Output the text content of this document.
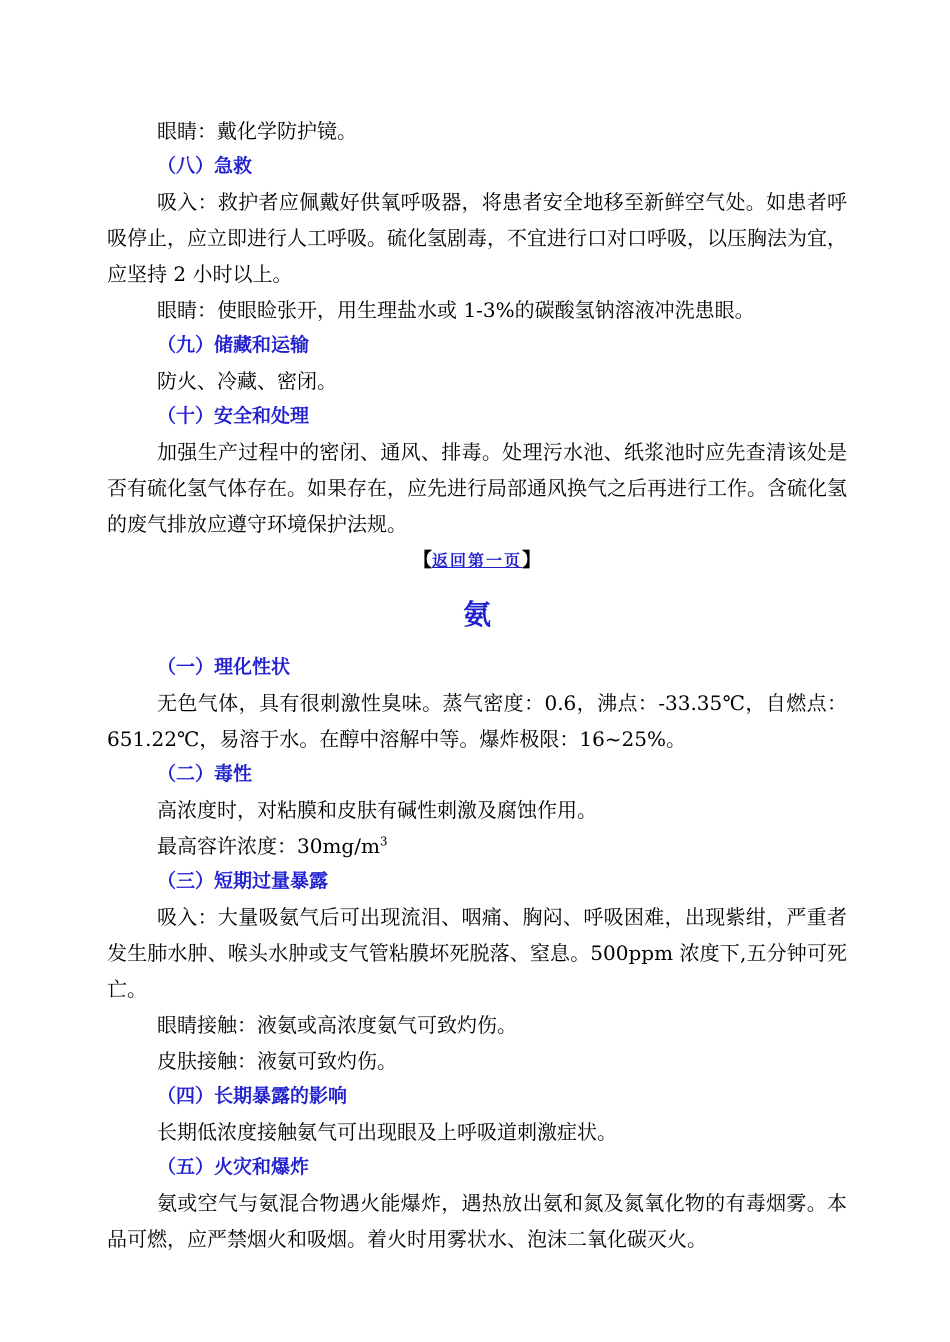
眼睛：戴化学防护镜。

（八）急救

吸入：救护者应佩戴好供氧呼吸器，将患者安全地移至新鲜空气处。如患者呼吸停止，应立即进行人工呼吸。硫化氢剧毒，不宜进行口对口呼吸，以压胸法为宜，应坚持 2 小时以上。

眼睛：使眼睑张开，用生理盐水或 1-3%的碳酸氢钠溶液冲洗患眼。

（九）储藏和运输

防火、冷藏、密闭。

（十）安全和处理

加强生产过程中的密闭、通风、排毒。处理污水池、纸浆池时应先查清该处是否有硫化氢气体存在。如果存在，应先进行局部通风换气之后再进行工作。含硫化氢的废气排放应遵守环境保护法规。

【返回第一页】

氨

（一）理化性状

无色气体，具有很刺激性臭味。蒸气密度：0.6，沸点：-33.35℃，自燃点：651.22℃，易溶于水。在醇中溶解中等。爆炸极限：16~25%。

（二）毒性

高浓度时，对粘膜和皮肤有碱性刺激及腐蚀作用。

最高容许浓度：$30mg/m^3$

（三）短期过量暴露

吸入：大量吸氨气后可出现流泪、咽痛、胸闷、呼吸困难，出现紫绀，严重者发生肺水肿、喉头水肿或支气管粘膜坏死脱落、窒息。500ppm 浓度下,五分钟可死亡。

眼睛接触：液氨或高浓度氨气可致灼伤。

皮肤接触：液氨可致灼伤。

（四）长期暴露的影响

长期低浓度接触氨气可出现眼及上呼吸道刺激症状。

（五）火灾和爆炸

氨或空气与氨混合物遇火能爆炸，遇热放出氨和氮及氮氧化物的有毒烟雾。本品可燃，应严禁烟火和吸烟。着火时用雾状水、泡沫二氧化碳灭火。
